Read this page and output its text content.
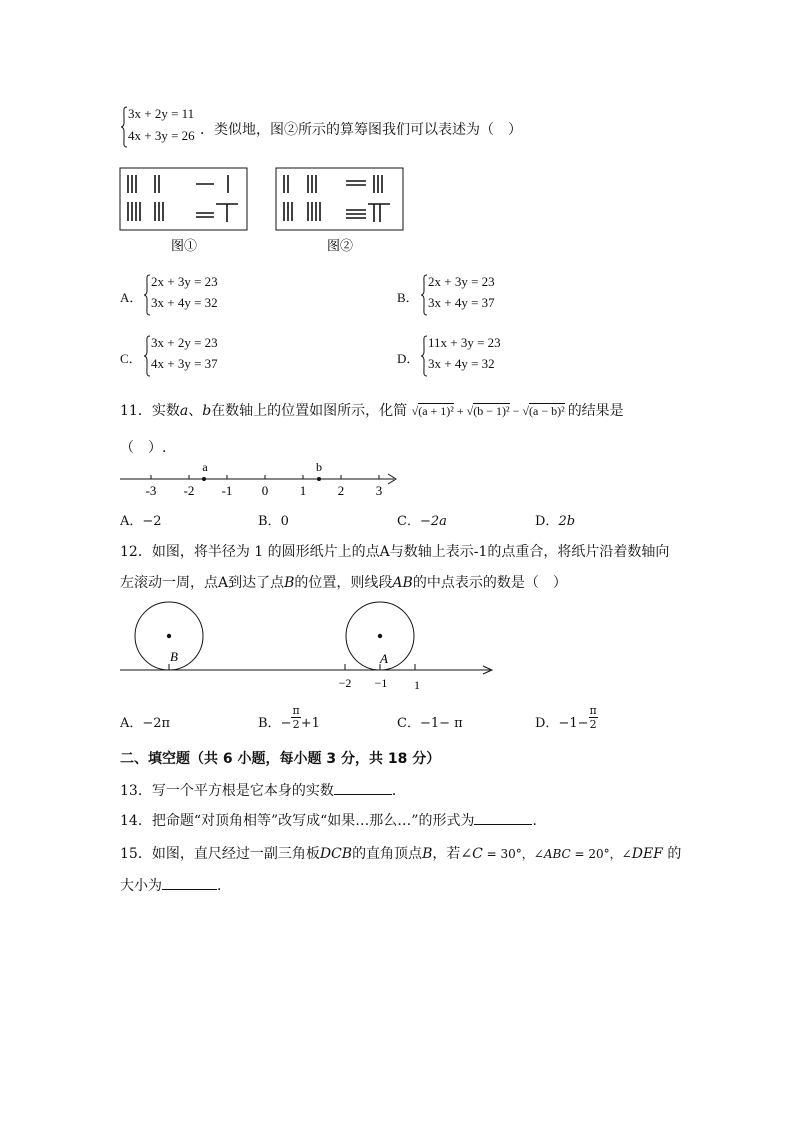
3x + 2y = 11
4x + 3y = 26 ．类似地，图②所示的算筹图我们可以表述为（　）
图①	图②
A．
2x + 3y = 23
3x + 4y = 32	B．
2x + 3y = 23
3x + 4y = 37
C．
3x + 2y = 23
4x + 3y = 37	D．
11x + 3y = 23
3x + 4y = 32
11．实数a、b在数轴上的位置如图所示，化简 √(a + 1)² + √(b − 1)² − √(a − b)² 的结果是
（　）.
-3 -2 -1 0 1 2 3
a	b
A．−2	B．0	C．−2a	D．2b
12．如图，将半径为 1 的圆形纸片上的点A与数轴上表示-1的点重合，将纸片沿着数轴向
左滚动一周，点A到达了点B的位置，则线段AB的中点表示的数是（　）
B	A
−2 −1 1
A．−2π	B．− $\frac{\pi}{2} +1$	C．−1− π	D．$-1- \frac{\pi}{2}$
二、填空题（共 6 小题，每小题 3 分，共 18 分）
13．写一个平方根是它本身的实数	．
14．把命题“对顶角相等”改写成“如果…那么…”的形式为	．
15．如图，直尺经过一副三角板DCB的直角顶点B，若∠C = 30°，∠ABC = 20°，∠DEF 的
大小为	．
